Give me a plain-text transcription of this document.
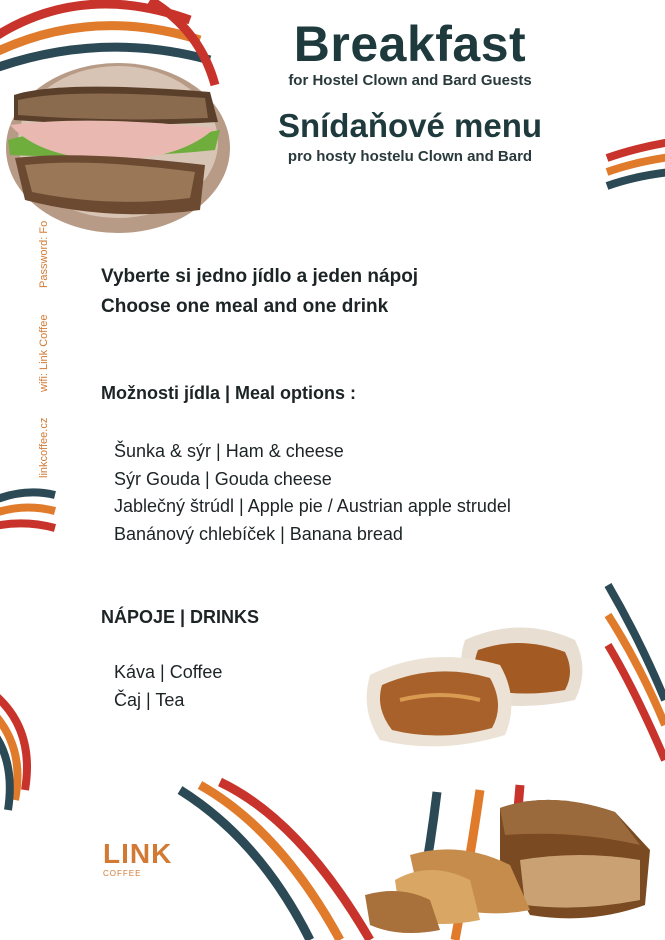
Breakfast
for Hostel Clown and Bard Guests
Snídaňové menu
pro hosty hostelu Clown and Bard
linkcoffee.cz
wifi: Link Coffee
Password: Fo	Vyberte si jedno jídlo a jeden nápoj
Choose one meal and one drink
Možnosti jídla | Meal options :
Šunka & sýr | Ham & cheese
Sýr Gouda | Gouda cheese
Jablečný štrúdl | Apple pie / Austrian apple strudel
Banánový chlebíček | Banana bread
NÁPOJE | DRINKS
Káva | Coffee
Čaj | Tea
LINK
COFFEE
